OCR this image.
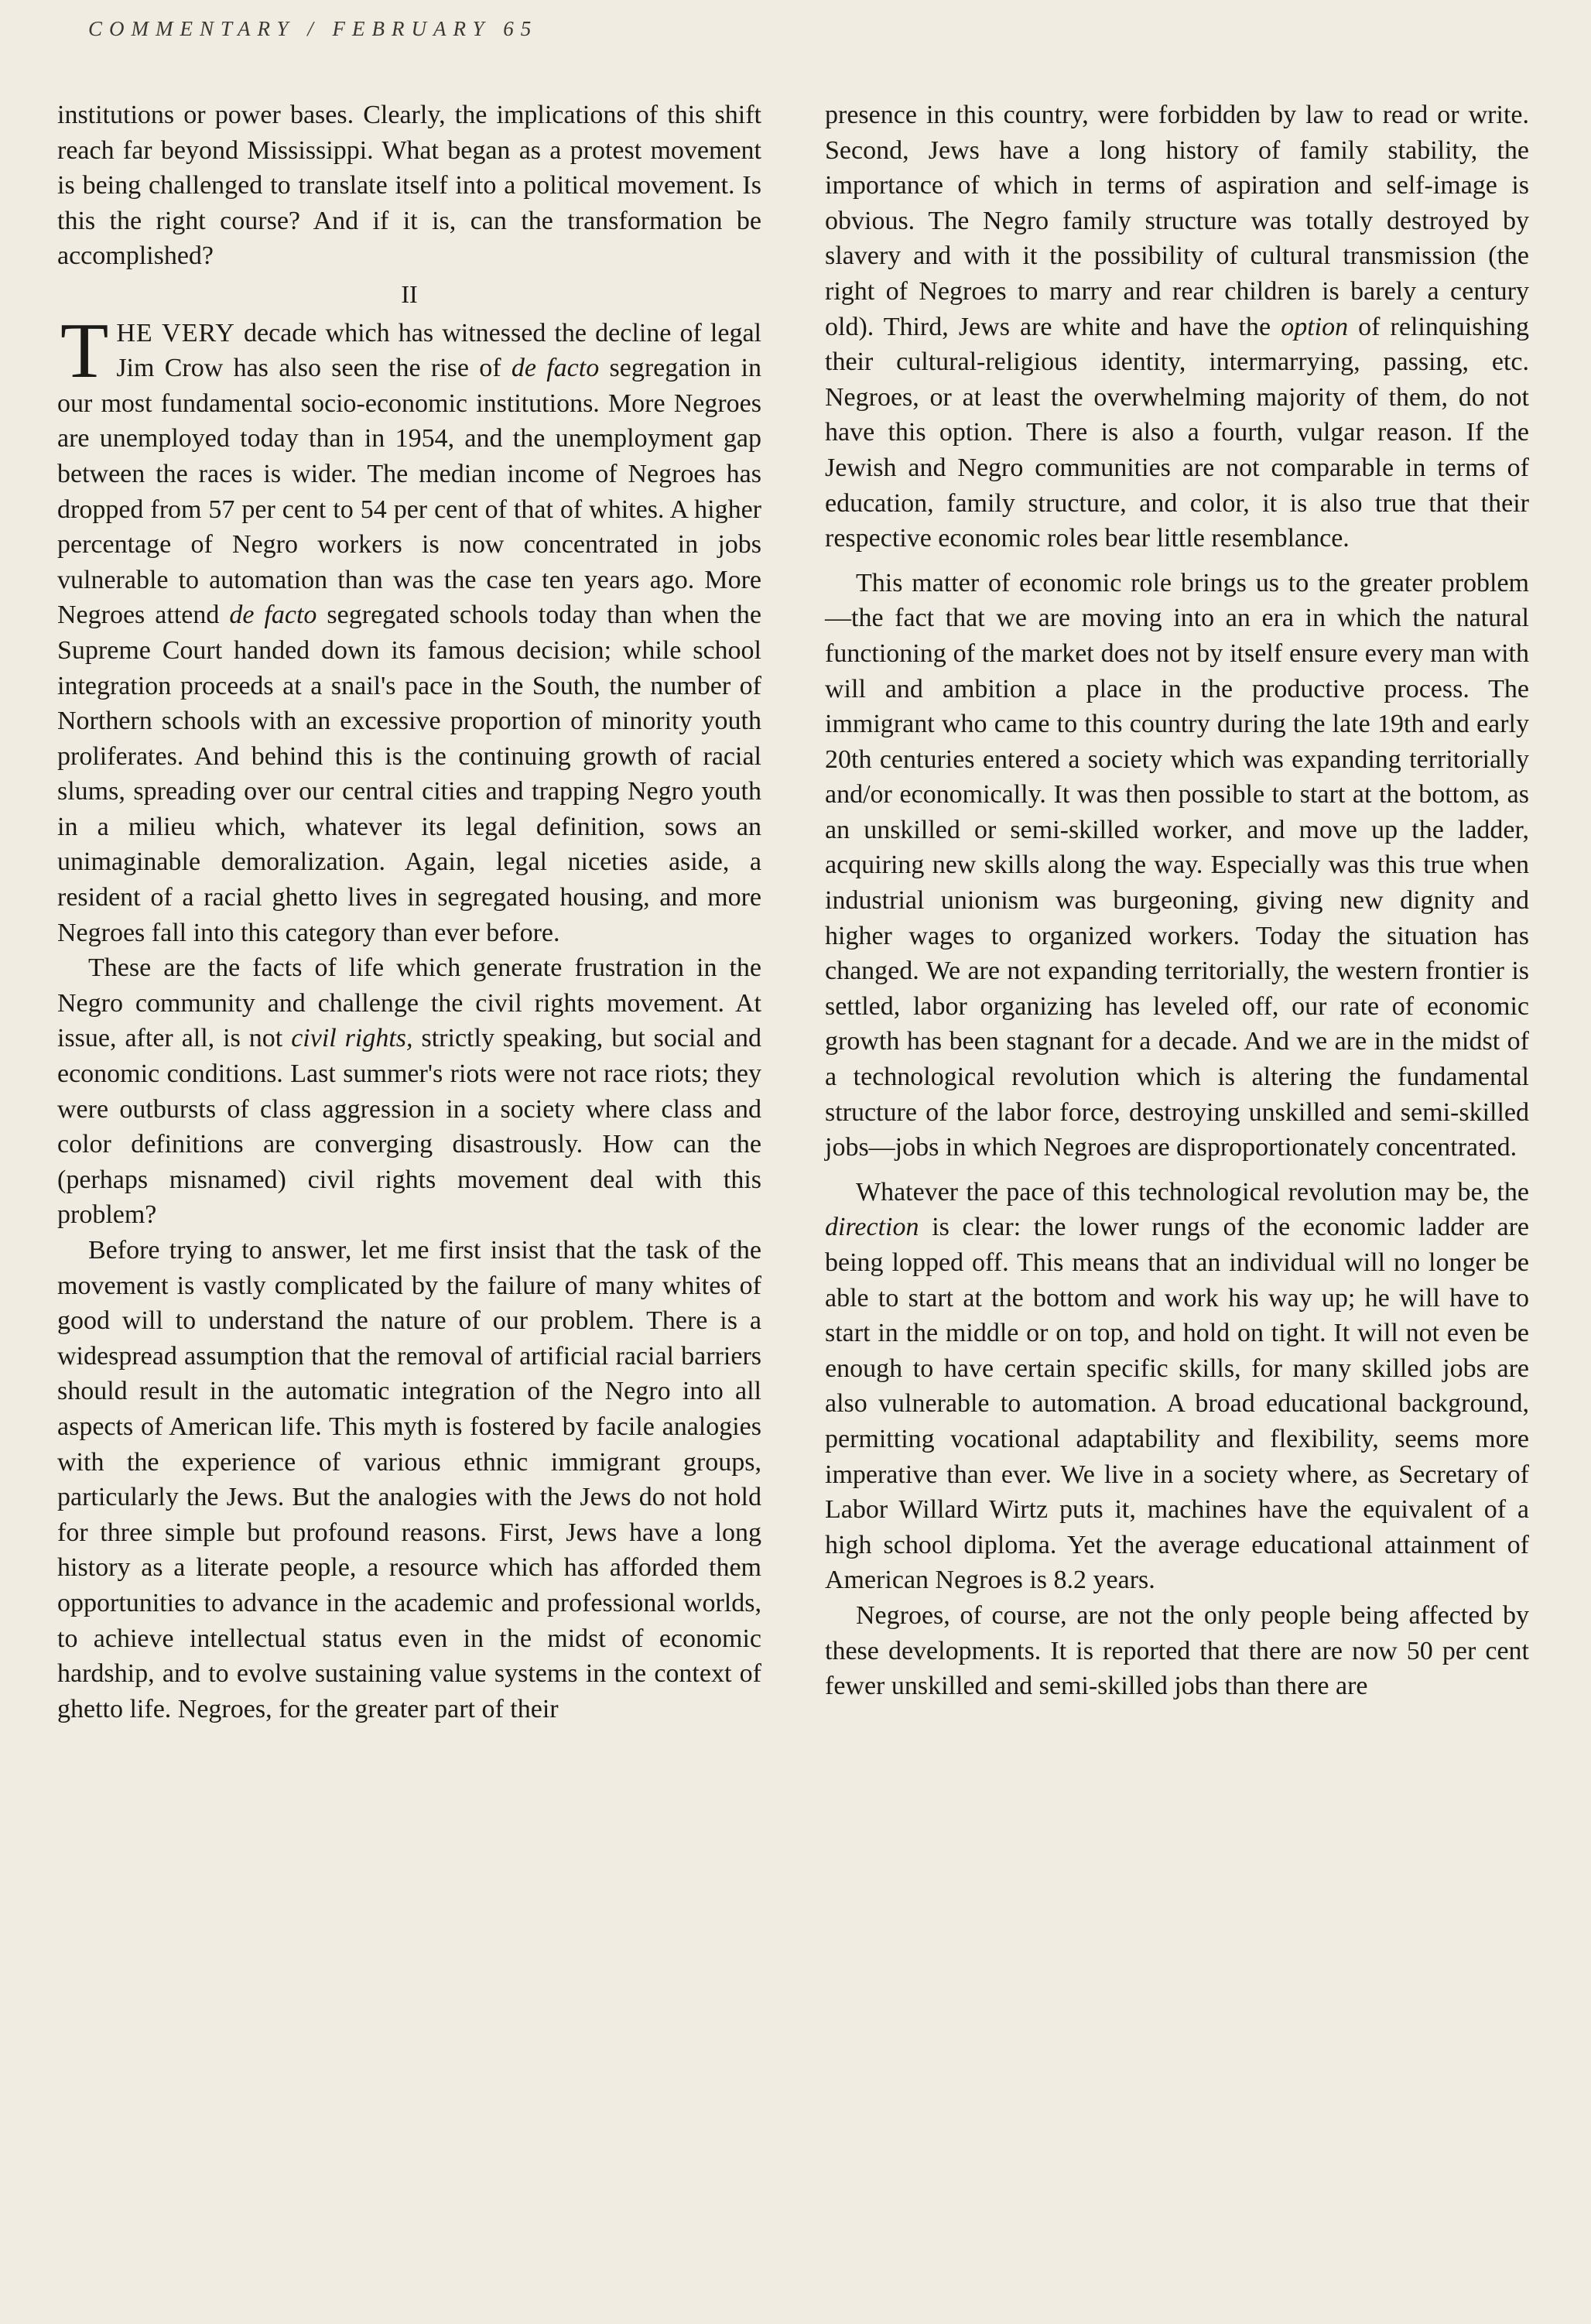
COMMENTARY / FEBRUARY 65

institutions or power bases. Clearly, the implications of this shift reach far beyond Mississippi. What began as a protest movement is being challenged to translate itself into a political movement. Is this the right course? And if it is, can the transformation be accomplished?

II

THE VERY decade which has witnessed the decline of legal Jim Crow has also seen the rise of de facto segregation in our most fundamental socio-economic institutions. More Negroes are unemployed today than in 1954, and the unemployment gap between the races is wider. The median income of Negroes has dropped from 57 per cent to 54 per cent of that of whites. A higher percentage of Negro workers is now concentrated in jobs vulnerable to automation than was the case ten years ago. More Negroes attend de facto segregated schools today than when the Supreme Court handed down its famous decision; while school integration proceeds at a snail's pace in the South, the number of Northern schools with an excessive proportion of minority youth proliferates. And behind this is the continuing growth of racial slums, spreading over our central cities and trapping Negro youth in a milieu which, whatever its legal definition, sows an unimaginable demoralization. Again, legal niceties aside, a resident of a racial ghetto lives in segregated housing, and more Negroes fall into this category than ever before.

These are the facts of life which generate frustration in the Negro community and challenge the civil rights movement. At issue, after all, is not civil rights, strictly speaking, but social and economic conditions. Last summer's riots were not race riots; they were outbursts of class aggression in a society where class and color definitions are converging disastrously. How can the (perhaps misnamed) civil rights movement deal with this problem?

Before trying to answer, let me first insist that the task of the movement is vastly complicated by the failure of many whites of good will to understand the nature of our problem. There is a widespread assumption that the removal of artificial racial barriers should result in the automatic integration of the Negro into all aspects of American life. This myth is fostered by facile analogies with the experience of various ethnic immigrant groups, particularly the Jews. But the analogies with the Jews do not hold for three simple but profound reasons. First, Jews have a long history as a literate people, a resource which has afforded them opportunities to advance in the academic and professional worlds, to achieve intellectual status even in the midst of economic hardship, and to evolve sustaining value systems in the context of ghetto life. Negroes, for the greater part of their

presence in this country, were forbidden by law to read or write. Second, Jews have a long history of family stability, the importance of which in terms of aspiration and self-image is obvious. The Negro family structure was totally destroyed by slavery and with it the possibility of cultural transmission (the right of Negroes to marry and rear children is barely a century old). Third, Jews are white and have the option of relinquishing their cultural-religious identity, intermarrying, passing, etc. Negroes, or at least the overwhelming majority of them, do not have this option. There is also a fourth, vulgar reason. If the Jewish and Negro communities are not comparable in terms of education, family structure, and color, it is also true that their respective economic roles bear little resemblance.

This matter of economic role brings us to the greater problem—the fact that we are moving into an era in which the natural functioning of the market does not by itself ensure every man with will and ambition a place in the productive process. The immigrant who came to this country during the late 19th and early 20th centuries entered a society which was expanding territorially and/or economically. It was then possible to start at the bottom, as an unskilled or semi-skilled worker, and move up the ladder, acquiring new skills along the way. Especially was this true when industrial unionism was burgeoning, giving new dignity and higher wages to organized workers. Today the situation has changed. We are not expanding territorially, the western frontier is settled, labor organizing has leveled off, our rate of economic growth has been stagnant for a decade. And we are in the midst of a technological revolution which is altering the fundamental structure of the labor force, destroying unskilled and semi-skilled jobs—jobs in which Negroes are disproportionately concentrated.

Whatever the pace of this technological revolution may be, the direction is clear: the lower rungs of the economic ladder are being lopped off. This means that an individual will no longer be able to start at the bottom and work his way up; he will have to start in the middle or on top, and hold on tight. It will not even be enough to have certain specific skills, for many skilled jobs are also vulnerable to automation. A broad educational background, permitting vocational adaptability and flexibility, seems more imperative than ever. We live in a society where, as Secretary of Labor Willard Wirtz puts it, machines have the equivalent of a high school diploma. Yet the average educational attainment of American Negroes is 8.2 years.

Negroes, of course, are not the only people being affected by these developments. It is reported that there are now 50 per cent fewer unskilled and semi-skilled jobs than there are
